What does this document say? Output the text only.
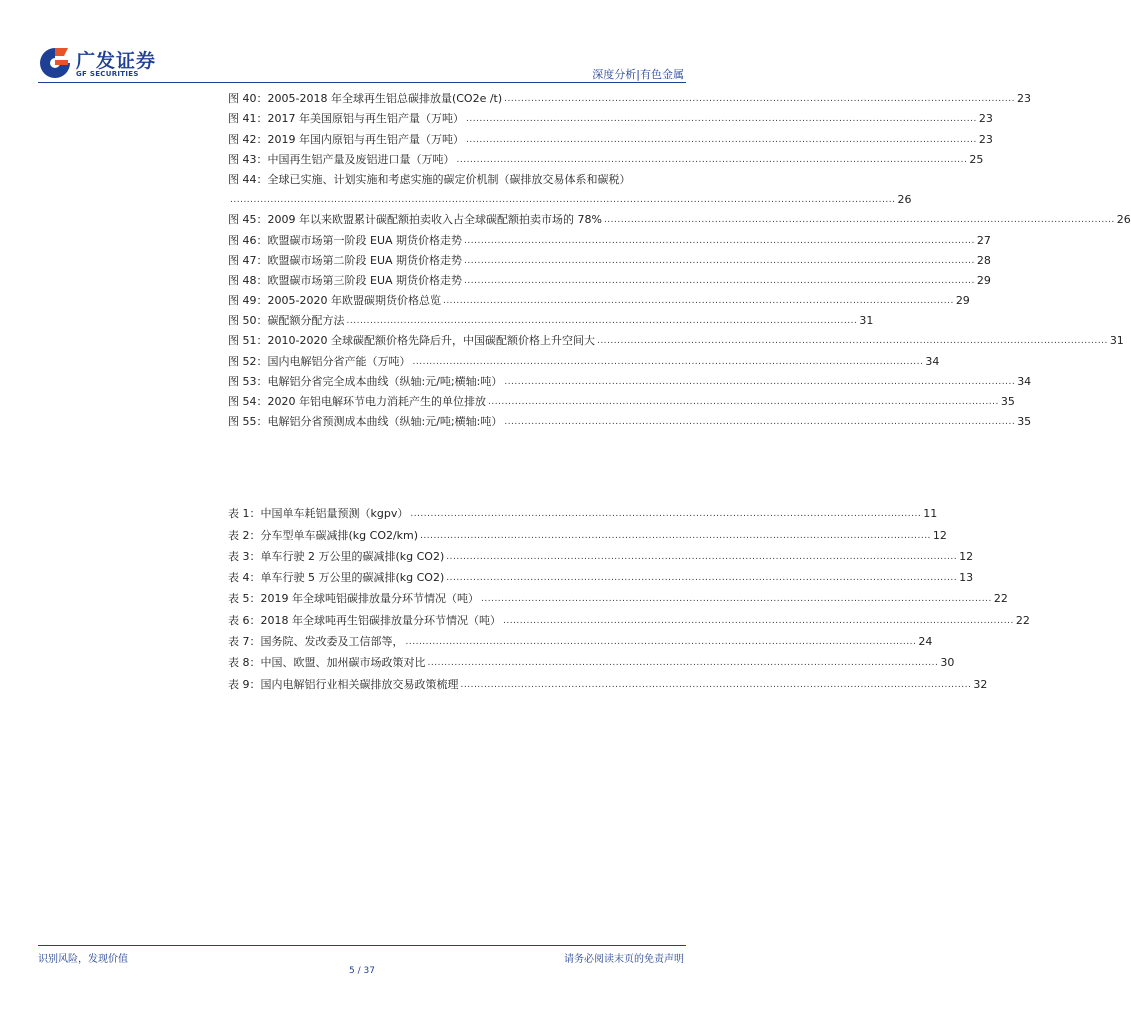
广发证券
GF SECURITIES	深度分析|有色金属
图 40：2005-2018 年全球再生铝总碳排放量(CO2e /t) ........................................................................................................................................................ 23
图 41：2017 年美国原铝与再生铝产量（万吨） ........................................................................................................................................................ 23
图 42：2019 年国内原铝与再生铝产量（万吨） ........................................................................................................................................................ 23
图 43：中国再生铝产量及废铝进口量（万吨） ........................................................................................................................................................ 25
图 44：全球已实施、计划实施和考虑实施的碳定价机制（碳排放交易体系和碳税）
...................................................................................................................................................................................................... 26
图 45：2009 年以来欧盟累计碳配额拍卖收入占全球碳配额拍卖市场的 78% ........................................................................................................................................................ 26
图 46：欧盟碳市场第一阶段 EUA 期货价格走势 ........................................................................................................................................................ 27
图 47：欧盟碳市场第二阶段 EUA 期货价格走势 ........................................................................................................................................................ 28
图 48：欧盟碳市场第三阶段 EUA 期货价格走势 ........................................................................................................................................................ 29
图 49：2005-2020 年欧盟碳期货价格总览 ........................................................................................................................................................ 29
图 50：碳配额分配方法 ........................................................................................................................................................ 31
图 51：2010-2020 全球碳配额价格先降后升，中国碳配额价格上升空间大 ........................................................................................................................................................ 31
图 52：国内电解铝分省产能（万吨） ........................................................................................................................................................ 34
图 53：电解铝分省完全成本曲线（纵轴:元/吨;横轴:吨） ........................................................................................................................................................ 34
图 54：2020 年铝电解环节电力消耗产生的单位排放 ........................................................................................................................................................ 35
图 55：电解铝分省预测成本曲线（纵轴:元/吨;横轴:吨） ........................................................................................................................................................ 35
表 1：中国单车耗铝量预测（kgpv） ........................................................................................................................................................ 11
表 2：分车型单车碳减排(kg CO2/km) ........................................................................................................................................................ 12
表 3：单车行驶 2 万公里的碳减排(kg CO2) ........................................................................................................................................................ 12
表 4：单车行驶 5 万公里的碳减排(kg CO2) ........................................................................................................................................................ 13
表 5：2019 年全球吨铝碳排放量分环节情况（吨） ........................................................................................................................................................ 22
表 6：2018 年全球吨再生铝碳排放量分环节情况（吨） ........................................................................................................................................................ 22
表 7：国务院、发改委及工信部等， ........................................................................................................................................................ 24
表 8：中国、欧盟、加州碳市场政策对比 ........................................................................................................................................................ 30
表 9：国内电解铝行业相关碳排放交易政策梳理 ........................................................................................................................................................ 32
识别风险，发现价值	请务必阅读末页的免责声明
5 / 37
